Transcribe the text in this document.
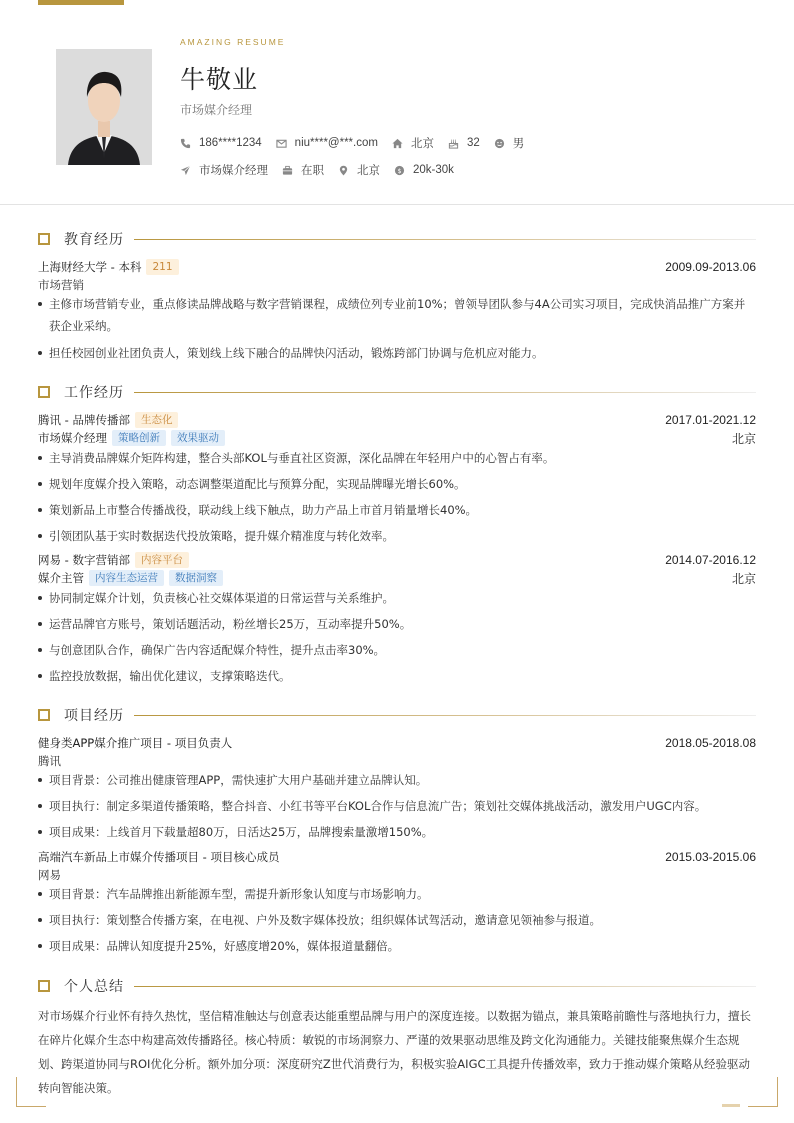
AMAZING RESUME
牛敬业
市场媒介经理
186****1234	niu****@***.com	北京	32	男
市场媒介经理	在职	北京 $ 20k-30k
教育经历
上海财经大学 - 本科	211	2009.09-2013.06
市场营销
主修市场营销专业，重点修读品牌战略与数字营销课程，成绩位列专业前10%；曾领导团队参与4A公司实习项目，完成快消品推广方案并获企业采纳。
担任校园创业社团负责人，策划线上线下融合的品牌快闪活动，锻炼跨部门协调与危机应对能力。
工作经历
腾讯 - 品牌传播部	生态化	2017.01-2021.12
市场媒介经理	策略创新	效果驱动	北京
主导消费品牌媒介矩阵构建，整合头部KOL与垂直社区资源，深化品牌在年轻用户中的心智占有率。
规划年度媒介投入策略，动态调整渠道配比与预算分配，实现品牌曝光增长60%。
策划新品上市整合传播战役，联动线上线下触点，助力产品上市首月销量增长40%。
引领团队基于实时数据迭代投放策略，提升媒介精准度与转化效率。
网易 - 数字营销部	内容平台	2014.07-2016.12
媒介主管	内容生态运营	数据洞察	北京
协同制定媒介计划，负责核心社交媒体渠道的日常运营与关系维护。
运营品牌官方账号，策划话题活动，粉丝增长25万，互动率提升50%。
与创意团队合作，确保广告内容适配媒介特性，提升点击率30%。
监控投放数据，输出优化建议，支撑策略迭代。
项目经历
健身类APP媒介推广项目 - 项目负责人	2018.05-2018.08
腾讯
项目背景：公司推出健康管理APP，需快速扩大用户基础并建立品牌认知。
项目执行：制定多渠道传播策略，整合抖音、小红书等平台KOL合作与信息流广告；策划社交媒体挑战活动，激发用户UGC内容。
项目成果：上线首月下载量超80万，日活达25万，品牌搜索量激增150%。
高端汽车新品上市媒介传播项目 - 项目核心成员	2015.03-2015.06
网易
项目背景：汽车品牌推出新能源车型，需提升新形象认知度与市场影响力。
项目执行：策划整合传播方案，在电视、户外及数字媒体投放；组织媒体试驾活动，邀请意见领袖参与报道。
项目成果：品牌认知度提升25%，好感度增20%，媒体报道量翻倍。
个人总结
对市场媒介行业怀有持久热忱，坚信精准触达与创意表达能重塑品牌与用户的深度连接。以数据为锚点，兼具策略前瞻性与落地执行力，擅长在碎片化媒介生态中构建高效传播路径。核心特质：敏锐的市场洞察力、严谨的效果驱动思维及跨文化沟通能力。关键技能聚焦媒介生态规划、跨渠道协同与ROI优化分析。额外加分项：深度研究Z世代消费行为，积极实验AIGC工具提升传播效率，致力于推动媒介策略从经验驱动转向智能决策。
